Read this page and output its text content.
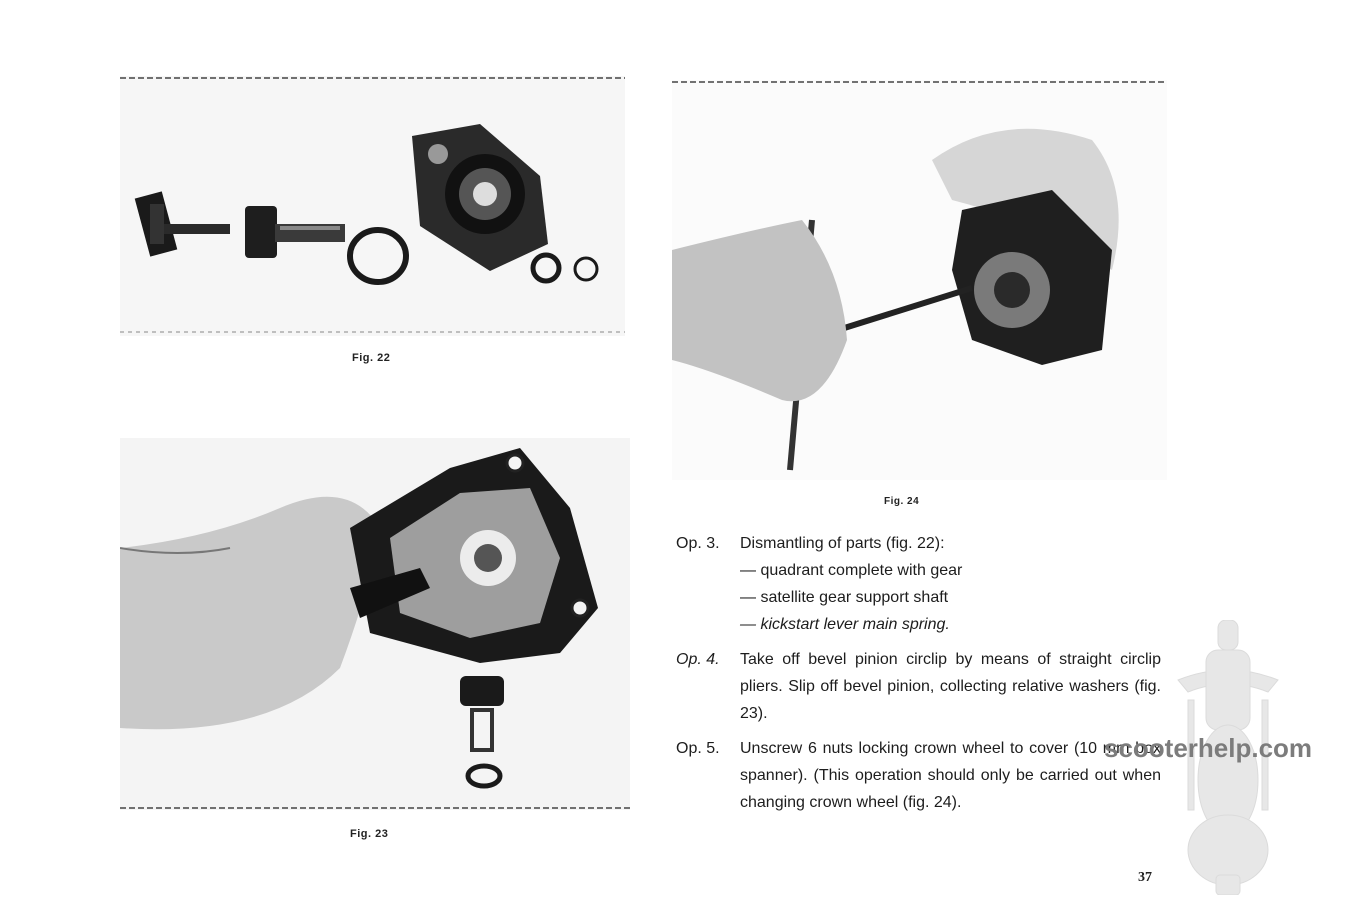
Fig. 22
Fig. 23
Fig. 24
Op. 3.	Dismantling of parts (fig. 22):
— quadrant complete with gear
— satellite gear support shaft
— kickstart lever main spring.
Op. 4.	Take off bevel pinion circlip by means of straight circlip pliers. Slip off bevel pinion, collecting relative washers (fig. 23).
Op. 5.	Unscrew 6 nuts locking crown wheel to cover (10 mm box spanner). (This operation should only be carried out when changing crown wheel (fig. 24).
scooterhelp.com
37
